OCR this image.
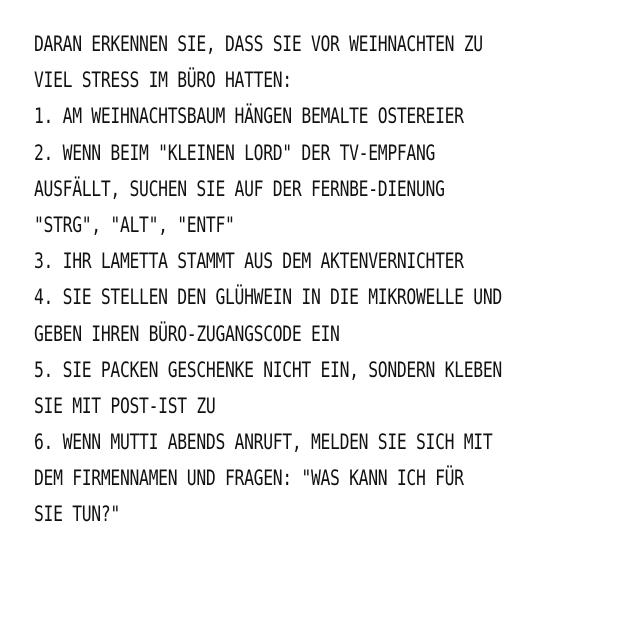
DARAN ERKENNEN SIE, DASS SIE VOR WEIHNACHTEN ZU
VIEL STRESS IM BÜRO HATTEN:
1. AM WEIHNACHTSBAUM HÄNGEN BEMALTE OSTEREIER
2. WENN BEIM "KLEINEN LORD" DER TV-EMPFANG
AUSFÄLLT, SUCHEN SIE AUF DER FERNBE-DIENUNG
"STRG", "ALT", "ENTF"
3. IHR LAMETTA STAMMT AUS DEM AKTENVERNICHTER
4. SIE STELLEN DEN GLÜHWEIN IN DIE MIKROWELLE UND
GEBEN IHREN BÜRO-ZUGANGSCODE EIN
5. SIE PACKEN GESCHENKE NICHT EIN, SONDERN KLEBEN
SIE MIT POST-IST ZU
6. WENN MUTTI ABENDS ANRUFT, MELDEN SIE SICH MIT
DEM FIRMENNAMEN UND FRAGEN: "WAS KANN ICH FÜR
SIE TUN?"
